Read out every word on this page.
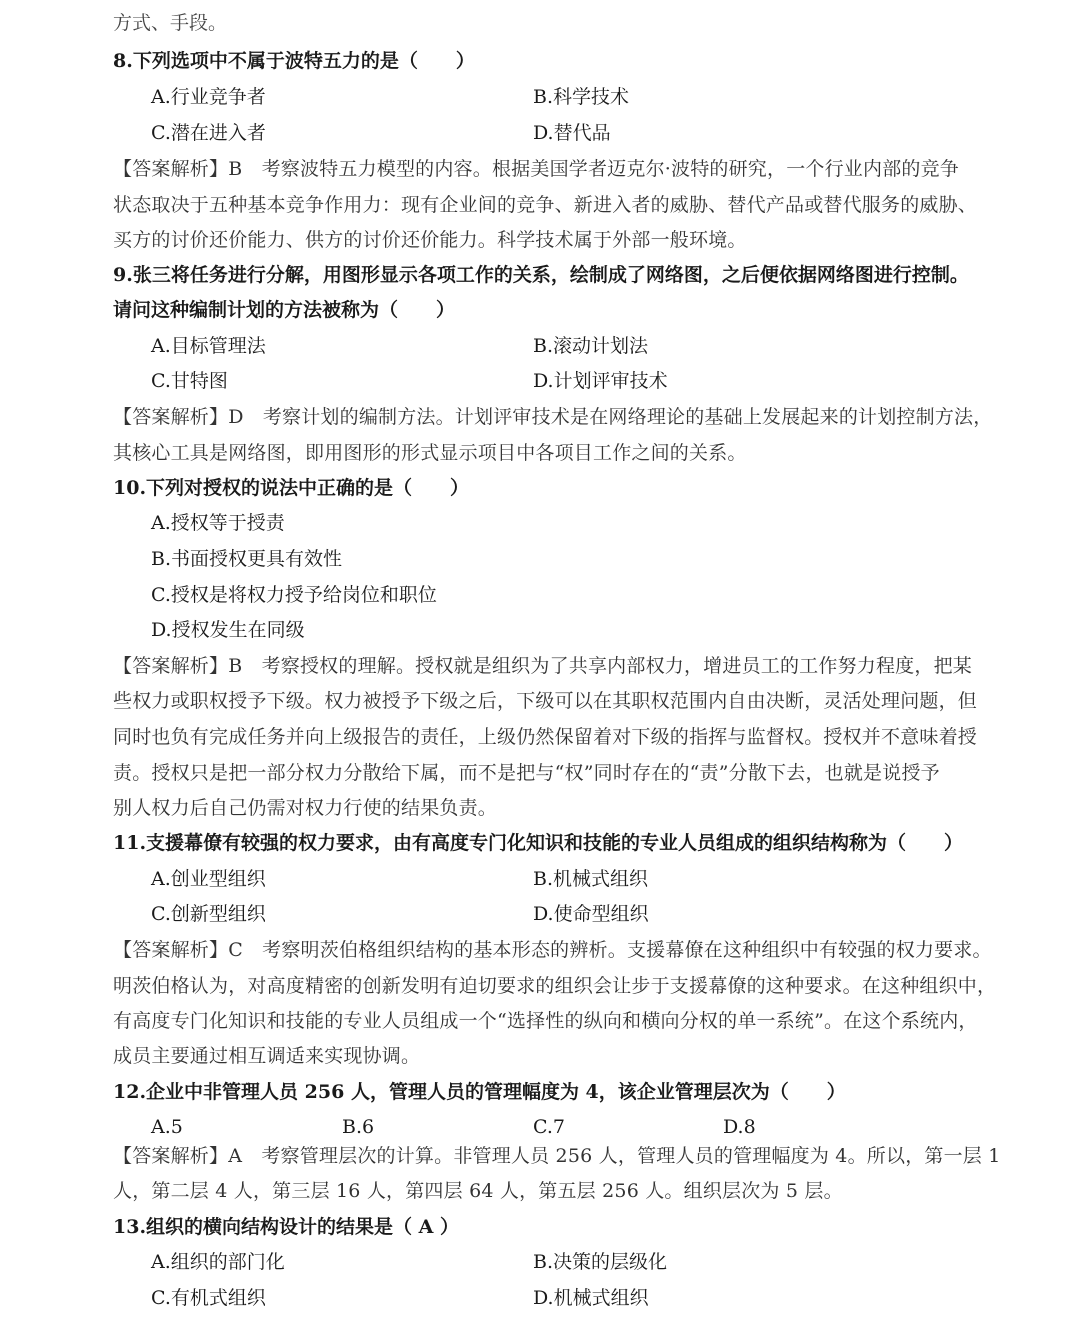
方式、手段。
8.下列选项中不属于波特五力的是（　　）
A.行业竞争者	B.科学技术
C.潜在进入者	D.替代品
【答案解析】B　考察波特五力模型的内容。根据美国学者迈克尔·波特的研究，一个行业内部的竞争
状态取决于五种基本竞争作用力：现有企业间的竞争、新进入者的威胁、替代产品或替代服务的威胁、
买方的讨价还价能力、供方的讨价还价能力。科学技术属于外部一般环境。
9.张三将任务进行分解，用图形显示各项工作的关系，绘制成了网络图，之后便依据网络图进行控制。
请问这种编制计划的方法被称为（　　）
A.目标管理法	B.滚动计划法
C.甘特图	D.计划评审技术
【答案解析】D　考察计划的编制方法。计划评审技术是在网络理论的基础上发展起来的计划控制方法，
其核心工具是网络图，即用图形的形式显示项目中各项目工作之间的关系。
10.下列对授权的说法中正确的是（　　）
A.授权等于授责
B.书面授权更具有效性
C.授权是将权力授予给岗位和职位
D.授权发生在同级
【答案解析】B　考察授权的理解。授权就是组织为了共享内部权力，增进员工的工作努力程度，把某
些权力或职权授予下级。权力被授予下级之后，下级可以在其职权范围内自由决断，灵活处理问题，但
同时也负有完成任务并向上级报告的责任，上级仍然保留着对下级的指挥与监督权。授权并不意味着授
责。授权只是把一部分权力分散给下属，而不是把与“权”同时存在的“责”分散下去，也就是说授予
别人权力后自己仍需对权力行使的结果负责。
11.支援幕僚有较强的权力要求，由有高度专门化知识和技能的专业人员组成的组织结构称为（　　）
A.创业型组织	B.机械式组织
C.创新型组织	D.使命型组织
【答案解析】C　考察明茨伯格组织结构的基本形态的辨析。支援幕僚在这种组织中有较强的权力要求。
明茨伯格认为，对高度精密的创新发明有迫切要求的组织会让步于支援幕僚的这种要求。在这种组织中，
有高度专门化知识和技能的专业人员组成一个“选择性的纵向和横向分权的单一系统”。在这个系统内，
成员主要通过相互调适来实现协调。
12.企业中非管理人员 256 人，管理人员的管理幅度为 4，该企业管理层次为（　　）
A.5	B.6	C.7	D.8
【答案解析】A　考察管理层次的计算。非管理人员 256 人，管理人员的管理幅度为 4。所以，第一层 1
人，第二层 4 人，第三层 16 人，第四层 64 人，第五层 256 人。组织层次为 5 层。
13.组织的横向结构设计的结果是（ A ）
A.组织的部门化	B.决策的层级化
C.有机式组织	D.机械式组织
